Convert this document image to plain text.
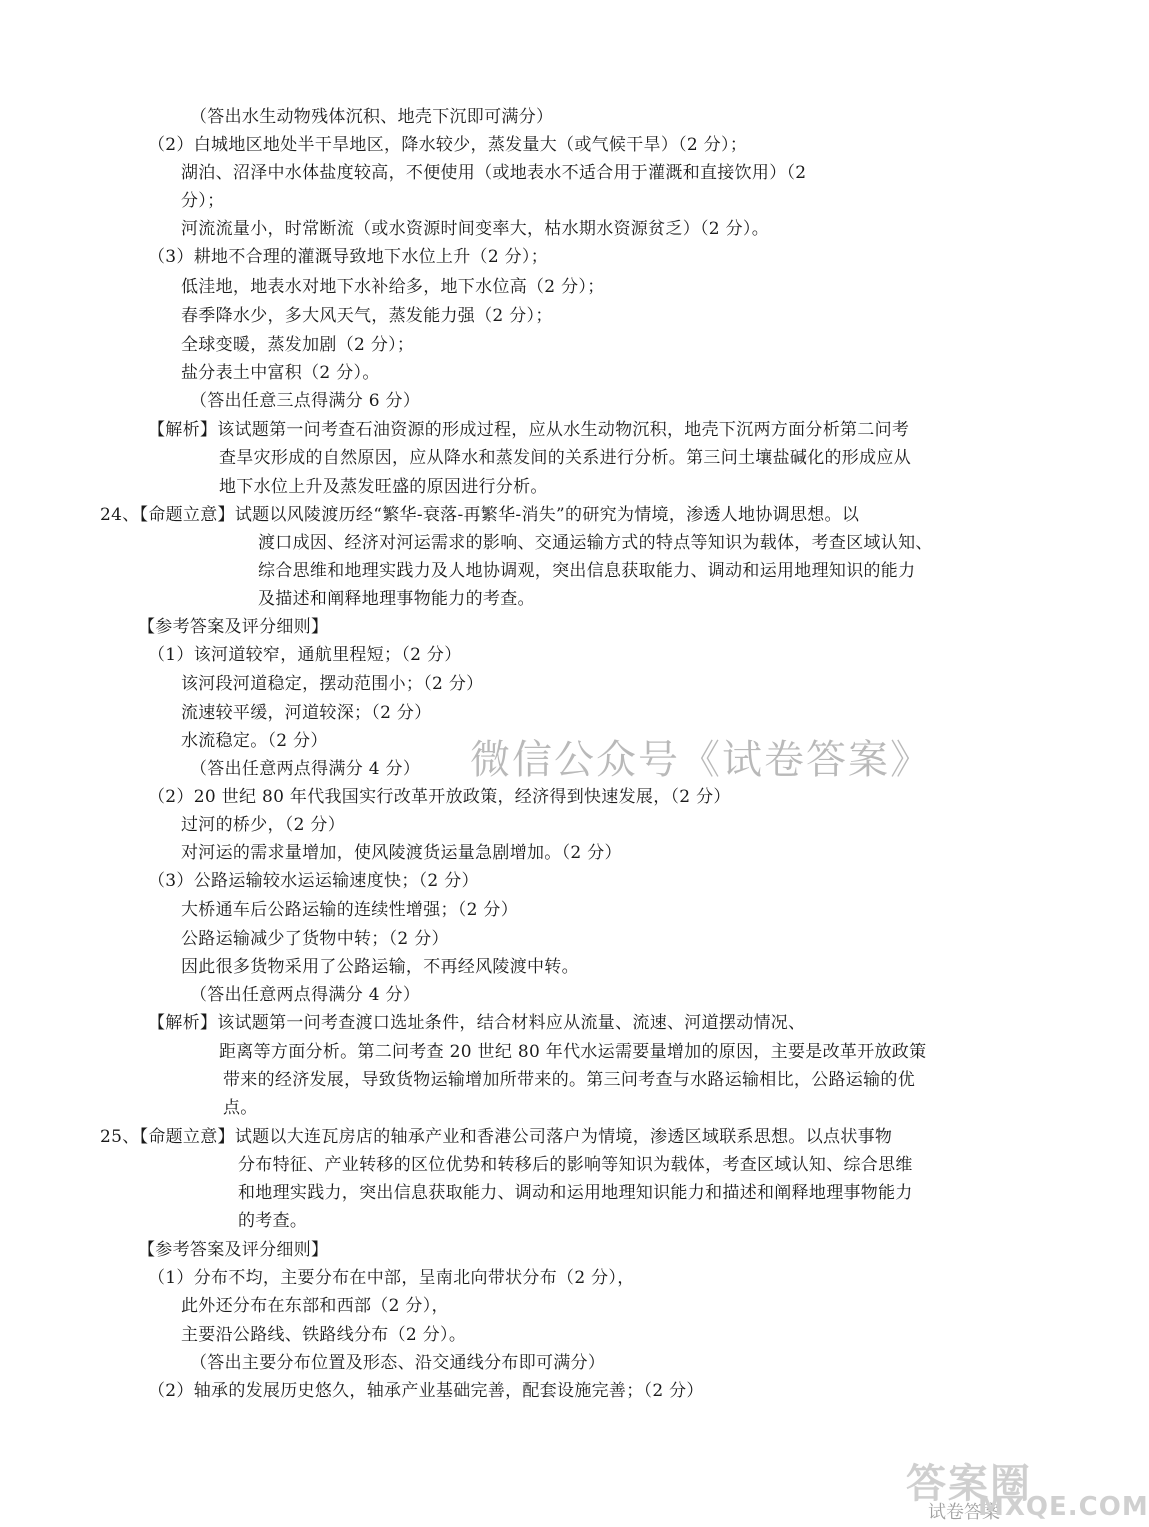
（答出水生动物残体沉积、地壳下沉即可满分）
（2）白城地区地处半干旱地区，降水较少，蒸发量大（或气候干旱）（2 分）；
湖泊、沼泽中水体盐度较高，不便使用（或地表水不适合用于灌溉和直接饮用）（2
分）；
河流流量小，时常断流（或水资源时间变率大，枯水期水资源贫乏）（2 分）。
（3）耕地不合理的灌溉导致地下水位上升（2 分）；
低洼地，地表水对地下水补给多，地下水位高（2 分）；
春季降水少，多大风天气，蒸发能力强（2 分）；
全球变暖，蒸发加剧（2 分）；
盐分表土中富积（2 分）。
（答出任意三点得满分 6 分）
【解析】该试题第一问考查石油资源的形成过程，应从水生动物沉积，地壳下沉两方面分析第二问考
查旱灾形成的自然原因，应从降水和蒸发间的关系进行分析。第三问土壤盐碱化的形成应从
地下水位上升及蒸发旺盛的原因进行分析。
24、【命题立意】试题以风陵渡历经“繁华-衰落-再繁华-消失”的研究为情境，渗透人地协调思想。以
渡口成因、经济对河运需求的影响、交通运输方式的特点等知识为载体，考查区域认知、
综合思维和地理实践力及人地协调观，突出信息获取能力、调动和运用地理知识的能力
及描述和阐释地理事物能力的考查。
【参考答案及评分细则】
（1）该河道较窄，通航里程短；（2 分）
该河段河道稳定，摆动范围小；（2 分）
流速较平缓，河道较深；（2 分）
水流稳定。（2 分）
（答出任意两点得满分 4 分）
（2）20 世纪 80 年代我国实行改革开放政策，经济得到快速发展，（2 分）
过河的桥少，（2 分）
对河运的需求量增加，使风陵渡货运量急剧增加。（2 分）
（3）公路运输较水运运输速度快；（2 分）
大桥通车后公路运输的连续性增强；（2 分）
公路运输减少了货物中转；（2 分）
因此很多货物采用了公路运输，不再经风陵渡中转。
（答出任意两点得满分 4 分）
【解析】该试题第一问考查渡口选址条件，结合材料应从流量、流速、河道摆动情况、
距离等方面分析。第二问考查 20 世纪 80 年代水运需要量增加的原因，主要是改革开放政策
带来的经济发展，导致货物运输增加所带来的。第三问考查与水路运输相比，公路运输的优
点。
25、【命题立意】试题以大连瓦房店的轴承产业和香港公司落户为情境，渗透区域联系思想。以点状事物
分布特征、产业转移的区位优势和转移后的影响等知识为载体，考查区域认知、综合思维
和地理实践力，突出信息获取能力、调动和运用地理知识能力和描述和阐释地理事物能力
的考查。
【参考答案及评分细则】
（1）分布不均，主要分布在中部，呈南北向带状分布（2 分），
此外还分布在东部和西部（2 分），
主要沿公路线、铁路线分布（2 分）。
（答出主要分布位置及形态、沿交通线分布即可满分）
（2）轴承的发展历史悠久，轴承产业基础完善，配套设施完善；（2 分）
微信公众号《试卷答案》
答案圈
试卷答案
MXQE.COM
